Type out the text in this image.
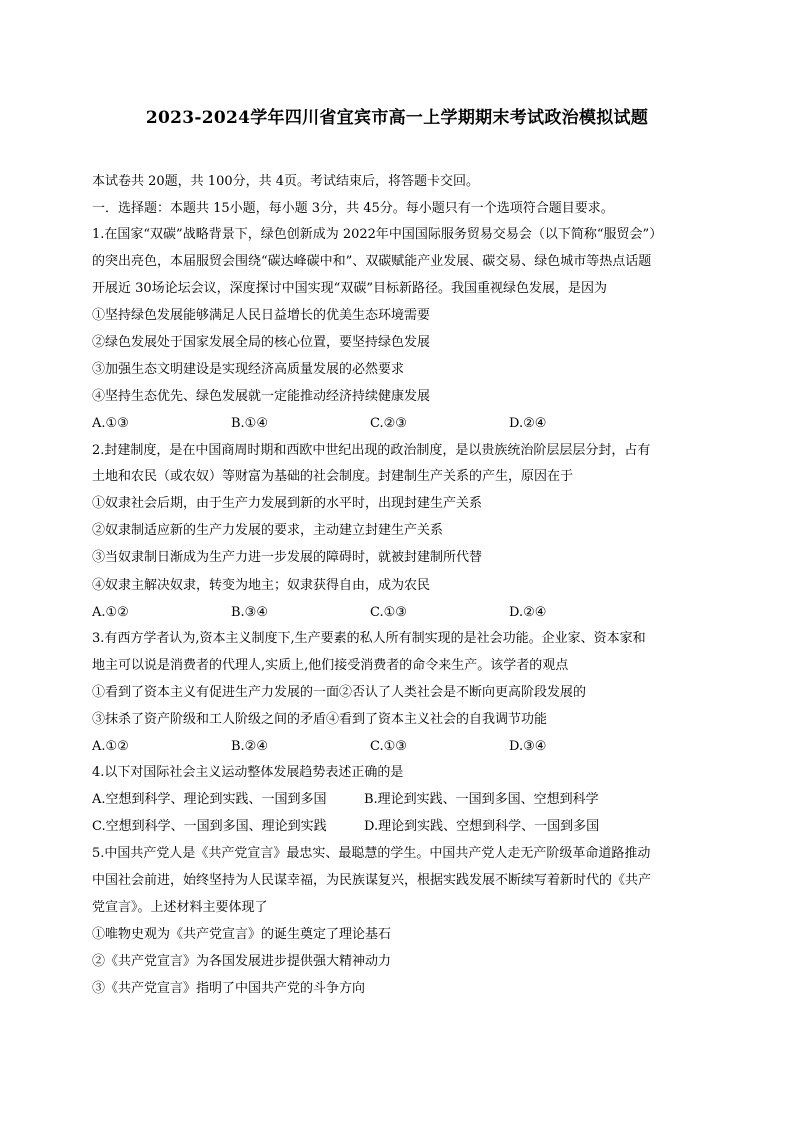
2023-2024学年四川省宜宾市高一上学期期末考试政治模拟试题
本试卷共 20题，共 100分，共 4页。考试结束后，将答题卡交回。
一．选择题：本题共 15小题，每小题 3分，共 45分。每小题只有一个选项符合题目要求。
1.在国家“双碳”战略背景下，绿色创新成为 2022年中国国际服务贸易交易会（以下简称“服贸会”）
的突出亮色，本届服贸会围绕“碳达峰碳中和”、双碳赋能产业发展、碳交易、绿色城市等热点话题
开展近 30场论坛会议，深度探讨中国实现“双碳”目标新路径。我国重视绿色发展，是因为
①坚持绿色发展能够满足人民日益增长的优美生态环境需要
②绿色发展处于国家发展全局的核心位置，要坚持绿色发展
③加强生态文明建设是实现经济高质量发展的必然要求
④坚持生态优先、绿色发展就一定能推动经济持续健康发展
A.①③	B.①④	C.②③	D.②④
2.封建制度，是在中国商周时期和西欧中世纪出现的政治制度，是以贵族统治阶层层层分封，占有
土地和农民（或农奴）等财富为基础的社会制度。封建制生产关系的产生，原因在于
①奴隶社会后期，由于生产力发展到新的水平时，出现封建生产关系
②奴隶制适应新的生产力发展的要求，主动建立封建生产关系
③当奴隶制日渐成为生产力进一步发展的障碍时，就被封建制所代替
④奴隶主解决奴隶，转变为地主；奴隶获得自由，成为农民
A.①②	B.③④	C.①③	D.②④
3.有西方学者认为,资本主义制度下,生产要素的私人所有制实现的是社会功能。企业家、资本家和
地主可以说是消费者的代理人,实质上,他们接受消费者的命令来生产。该学者的观点
①看到了资本主义有促进生产力发展的一面②否认了人类社会是不断向更高阶段发展的
③抹杀了资产阶级和工人阶级之间的矛盾④看到了资本主义社会的自我调节功能
A.①②	B.②④	C.①③	D.③④
4.以下对国际社会主义运动整体发展趋势表述正确的是
A.空想到科学、理论到实践、一国到多国	B.理论到实践、一国到多国、空想到科学
C.空想到科学、一国到多国、理论到实践	D.理论到实践、空想到科学、一国到多国
5.中国共产党人是《共产党宣言》最忠实、最聪慧的学生。中国共产党人走无产阶级革命道路推动
中国社会前进，始终坚持为人民谋幸福，为民族谋复兴，根据实践发展不断续写着新时代的《共产
党宣言》。上述材料主要体现了
①唯物史观为《共产党宣言》的诞生奠定了理论基石
②《共产党宣言》为各国发展进步提供强大精神动力
③《共产党宣言》指明了中国共产党的斗争方向
